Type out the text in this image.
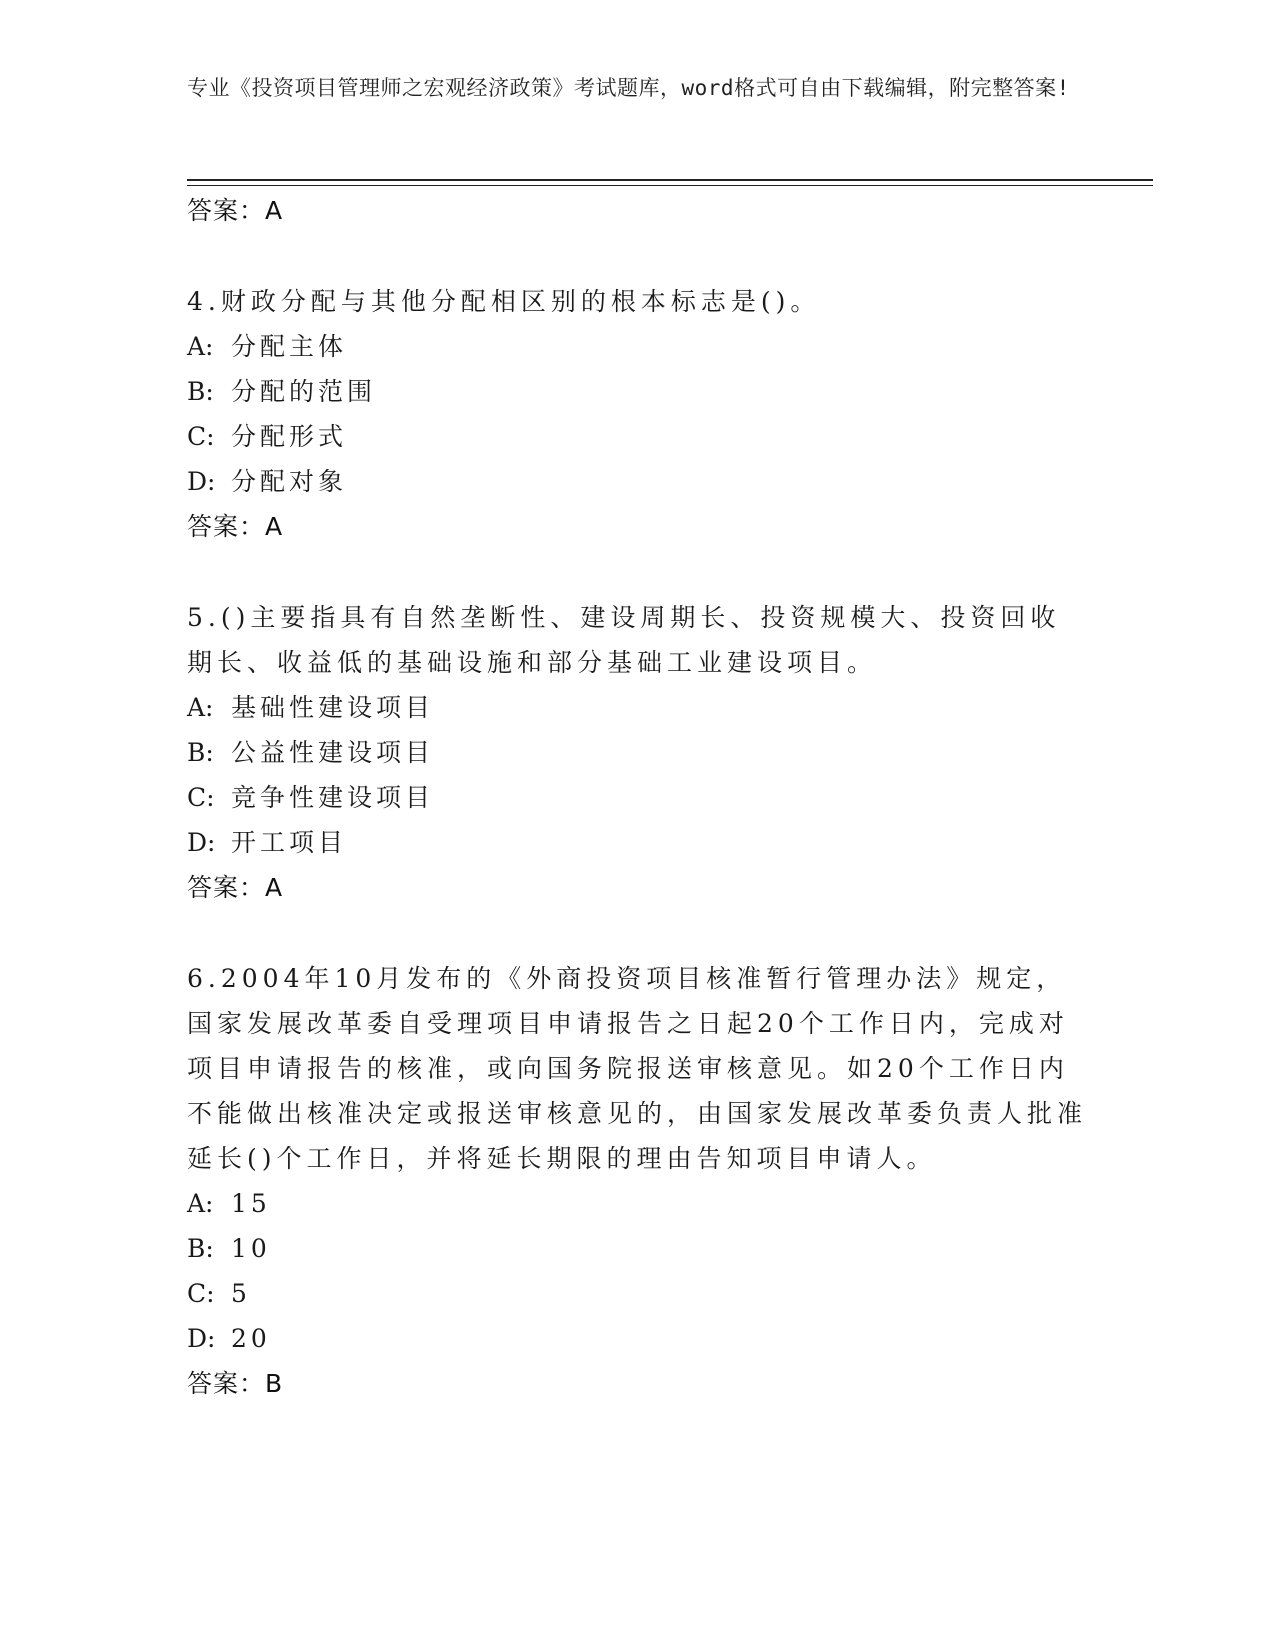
专业《投资项目管理师之宏观经济政策》考试题库，word格式可自由下载编辑，附完整答案!
答案：A
4.财政分配与其他分配相区别的根本标志是()。
A: 分配主体
B: 分配的范围
C: 分配形式
D: 分配对象
答案：A
5.()主要指具有自然垄断性、建设周期长、投资规模大、投资回收期长、收益低的基础设施和部分基础工业建设项目。
A: 基础性建设项目
B: 公益性建设项目
C: 竞争性建设项目
D: 开工项目
答案：A
6.2004年10月发布的《外商投资项目核准暂行管理办法》规定，国家发展改革委自受理项目申请报告之日起20个工作日内，完成对项目申请报告的核准，或向国务院报送审核意见。如20个工作日内不能做出核准决定或报送审核意见的，由国家发展改革委负责人批准延长()个工作日，并将延长期限的理由告知项目申请人。
A: 15
B: 10
C: 5
D: 20
答案：B
